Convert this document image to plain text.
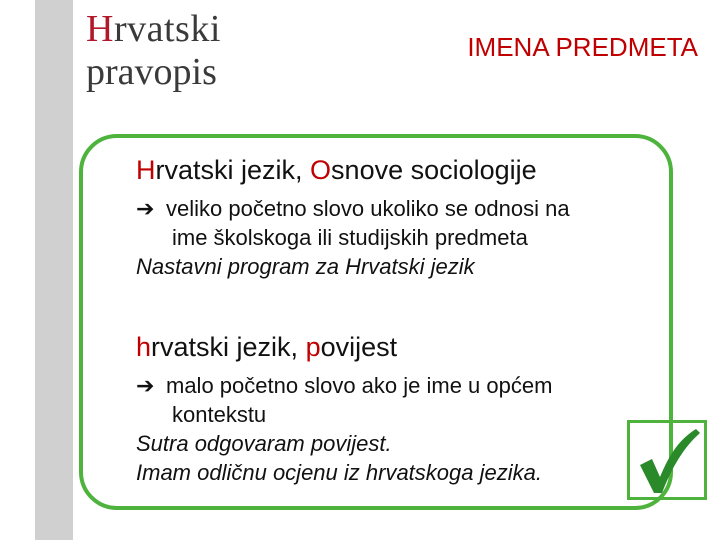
Hrvatski
pravopis
IMENA PREDMETA
Hrvatski jezik, Osnove sociologije
➔ veliko početno slovo ukoliko se odnosi na
ime školskoga ili studijskih predmeta
Nastavni program za Hrvatski jezik
hrvatski jezik, povijest
➔ malo početno slovo ako je ime u općem
kontekstu
Sutra odgovaram povijest.
Imam odličnu ocjenu iz hrvatskoga jezika.
